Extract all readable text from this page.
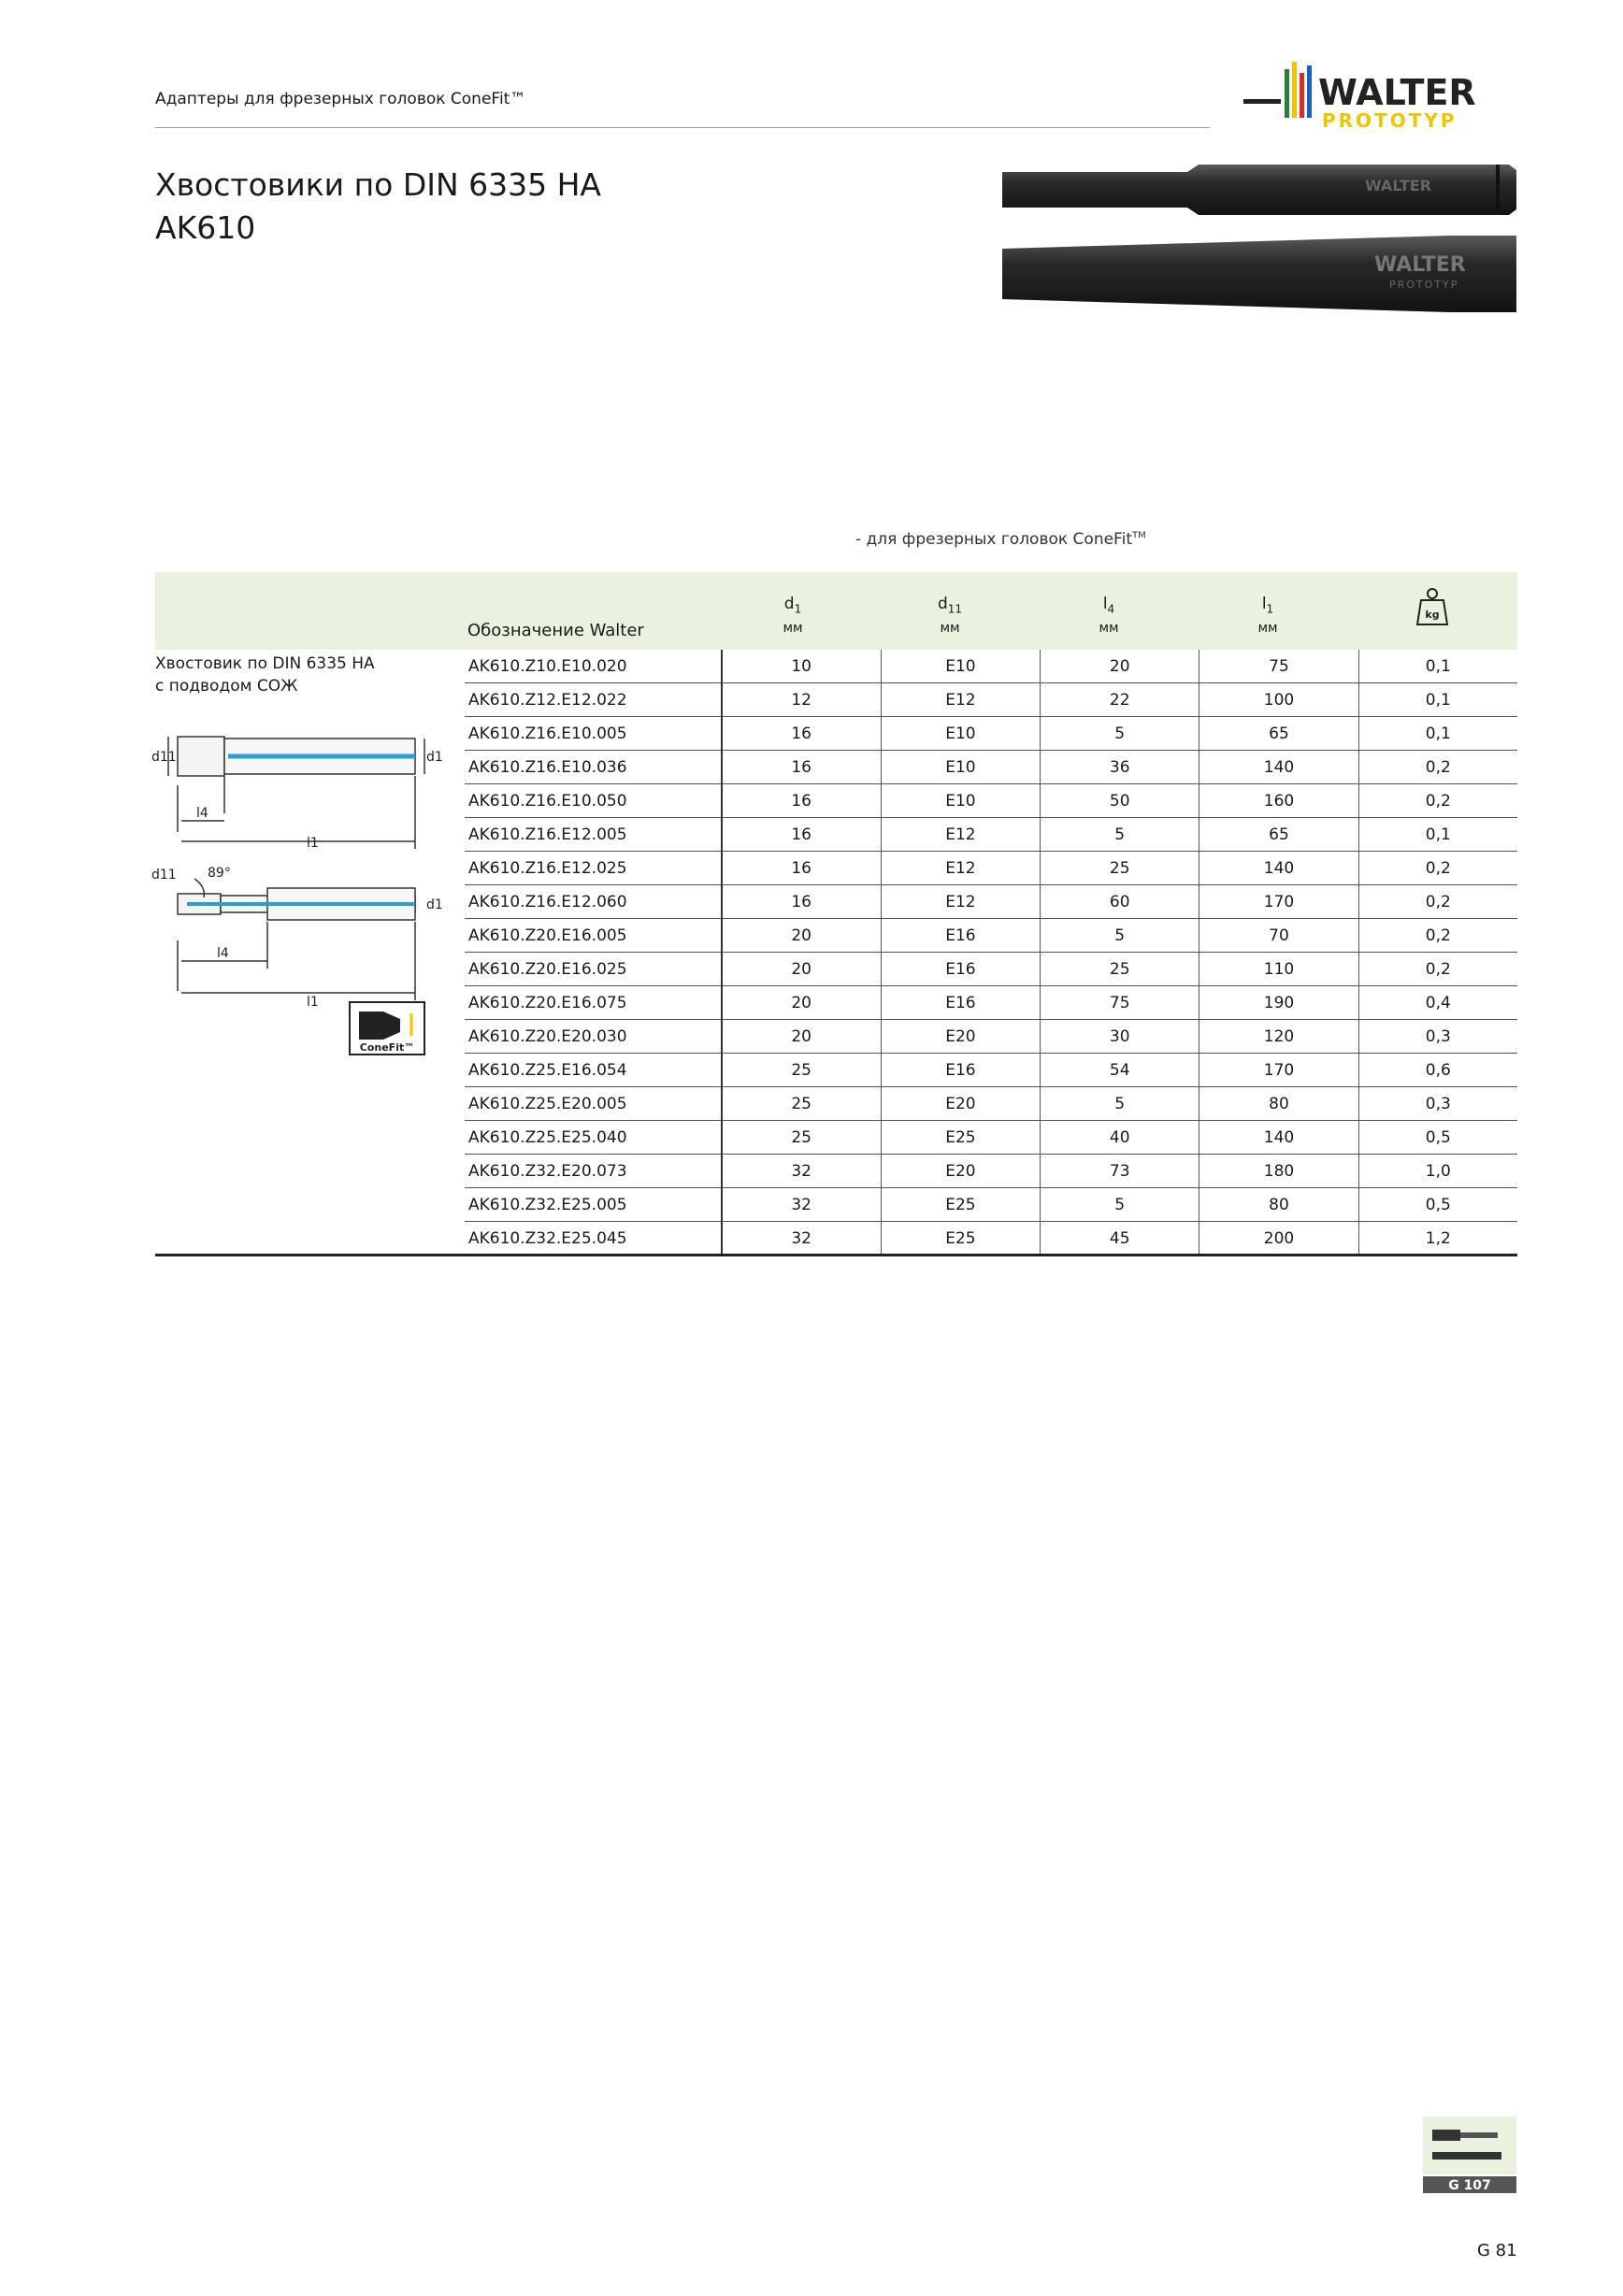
Адаптеры для фрезерных головок ConeFit™	WALTER
PROTOTYP
Хвостовики по DIN 6335 HA
AK610
WALTER
WALTER
PROTOTYP
- для фрезерных головок ConeFit™
Обозначение Walter
$d_1$
мм
$d_{11}$
мм
$l_4$
мм
$l_1$
мм
kg
Хвостовик по DIN 6335 HA
с подводом СОЖ
d11	d1
l4
l1
d11 89°
d1
l4
l1
ConeFit™
AK610.Z10.E10.020	10	E10	20	75	0,1
AK610.Z12.E12.022	12	E12	22	100	0,1
AK610.Z16.E10.005	16	E10	5	65	0,1
AK610.Z16.E10.036	16	E10	36	140	0,2
AK610.Z16.E10.050	16	E10	50	160	0,2
AK610.Z16.E12.005	16	E12	5	65	0,1
AK610.Z16.E12.025	16	E12	25	140	0,2
AK610.Z16.E12.060	16	E12	60	170	0,2
AK610.Z20.E16.005	20	E16	5	70	0,2
AK610.Z20.E16.025	20	E16	25	110	0,2
AK610.Z20.E16.075	20	E16	75	190	0,4
AK610.Z20.E20.030	20	E20	30	120	0,3
AK610.Z25.E16.054	25	E16	54	170	0,6
AK610.Z25.E20.005	25	E20	5	80	0,3
AK610.Z25.E25.040	25	E25	40	140	0,5
AK610.Z32.E20.073	32	E20	73	180	1,0
AK610.Z32.E25.005	32	E25	5	80	0,5
AK610.Z32.E25.045	32	E25	45	200	1,2
G 107
G 81
